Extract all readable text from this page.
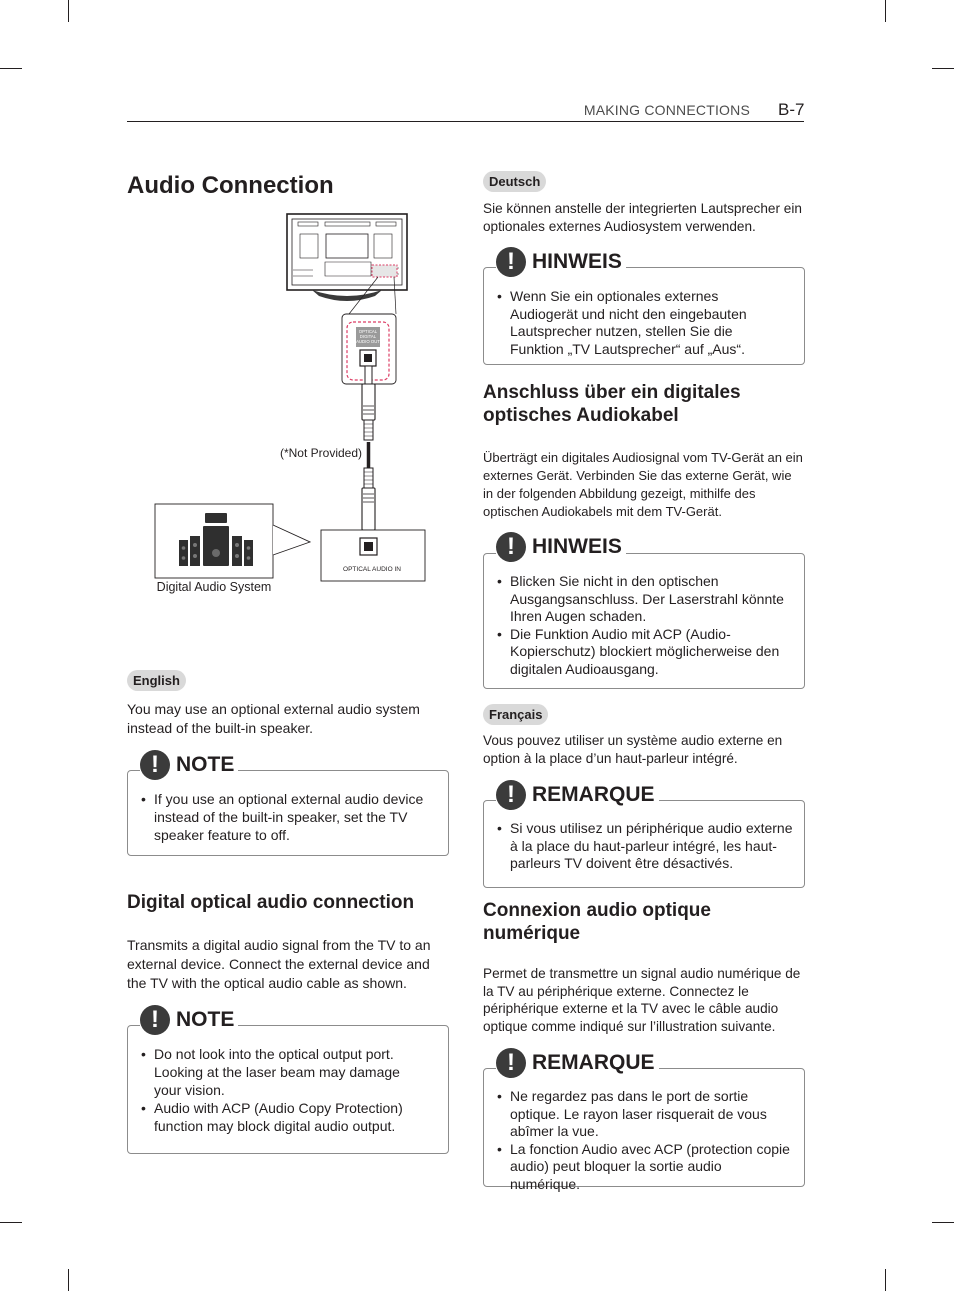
MAKING CONNECTIONS B-7
Audio Connection
OPTICAL
DIGITAL
AUDIO OUT
(*Not Provided)
OPTICAL AUDIO IN
Digital Audio System
English

You may use an optional external audio system instead of the built-in speaker.

! NOTE
• If you use an optional external audio device instead of the built-in speaker, set the TV speaker feature to off.
Digital optical audio connection

Transmits a digital audio signal from the TV to an external device. Connect the external device and the TV with the optical audio cable as shown.

! NOTE
• Do not look into the optical output port. Looking at the laser beam may damage your vision.
• Audio with ACP (Audio Copy Protection) function may block digital audio output.
Deutsch

Sie können anstelle der integrierten Lautsprecher ein optionales externes Audiosystem verwenden.

! HINWEIS
• Wenn Sie ein optionales externes Audiogerät und nicht den eingebauten Lautsprecher nutzen, stellen Sie die Funktion „TV Lautsprecher“ auf „Aus“.
Anschluss über ein digitales optisches Audiokabel

Überträgt ein digitales Audiosignal vom TV-Gerät an ein externes Gerät. Verbinden Sie das externe Gerät, wie in der folgenden Abbildung gezeigt, mithilfe des optischen Audiokabels mit dem TV-Gerät.

! HINWEIS
• Blicken Sie nicht in den optischen Ausgangsanschluss. Der Laserstrahl könnte Ihren Augen schaden.
• Die Funktion Audio mit ACP (Audio-Kopierschutz) blockiert möglicherweise den digitalen Audioausgang.
Français

Vous pouvez utiliser un système audio externe en option à la place d’un haut-parleur intégré.

! REMARQUE
• Si vous utilisez un périphérique audio externe à la place du haut-parleur intégré, les haut-parleurs TV doivent être désactivés.
Connexion audio optique numérique

Permet de transmettre un signal audio numérique de la TV au périphérique externe. Connectez le périphérique externe et la TV avec le câble audio optique comme indiqué sur l’illustration suivante.

! REMARQUE
• Ne regardez pas dans le port de sortie optique. Le rayon laser risquerait de vous abîmer la vue.
• La fonction Audio avec ACP (protection copie audio) peut bloquer la sortie audio numérique.
